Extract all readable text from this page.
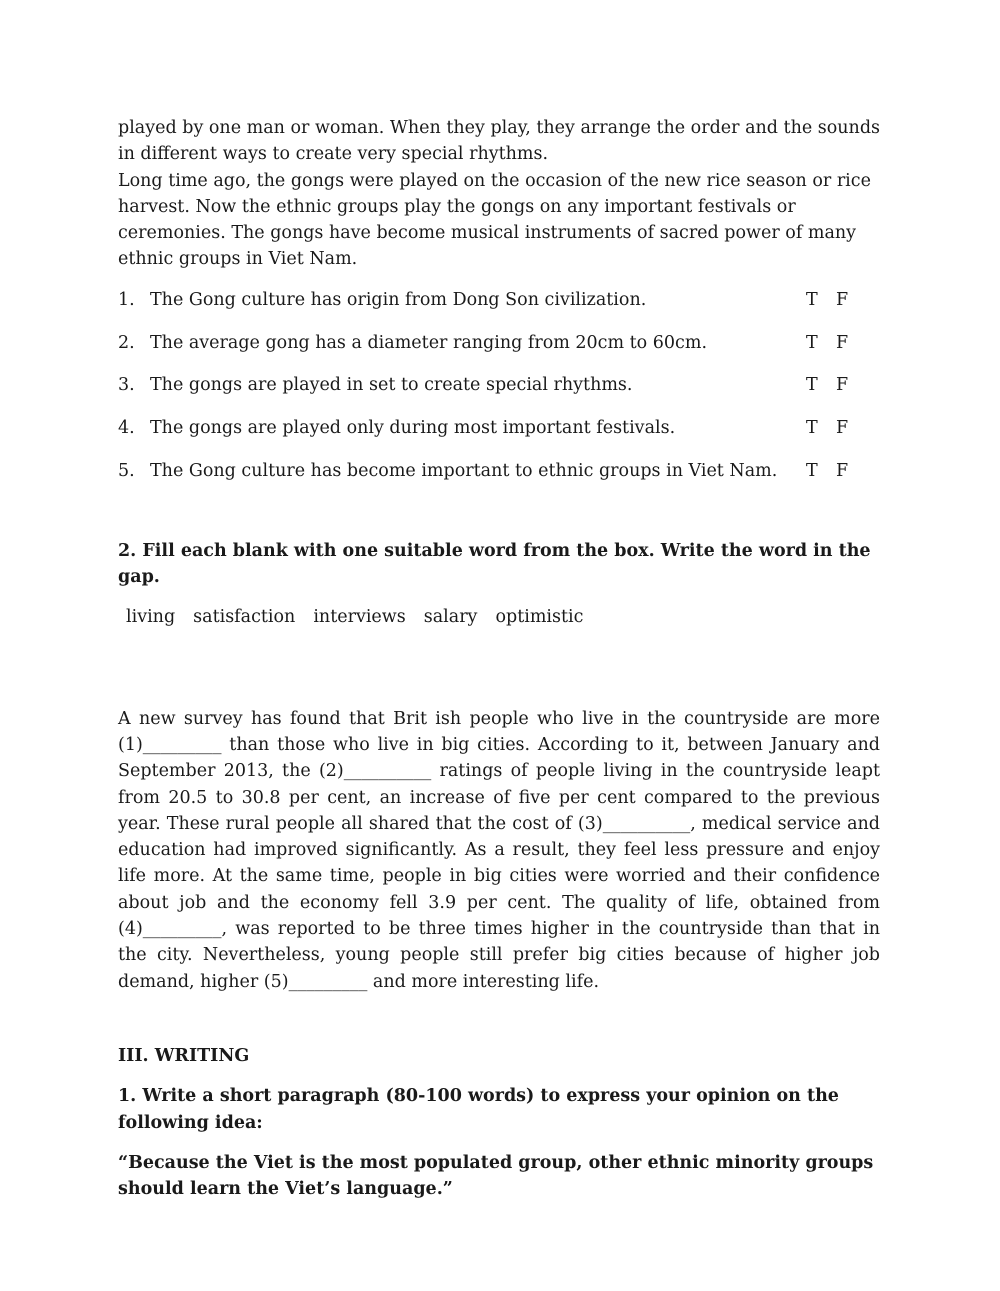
played by one man or woman. When they play, they arrange the order and the sounds in different ways to create very special rhythms.

Long time ago, the gongs were played on the occasion of the new rice season or rice harvest. Now the ethnic groups play the gongs on any important festivals or ceremonies. The gongs have become musical instruments of sacred power of many ethnic groups in Viet Nam.

1. The Gong culture has origin from Dong Son civilization.	T	F
2. The average gong has a diameter ranging from 20cm to 60cm.	T	F
3. The gongs are played in set to create special rhythms.	T	F
4. The gongs are played only during most important festivals.	T	F
5. The Gong culture has become important to ethnic groups in Viet Nam.	T	F

2. Fill each blank with one suitable word from the box. Write the word in the gap.

living satisfaction interviews salary optimistic

A new survey has found that Brit ish people who live in the countryside are more (1)_________ than those who live in big cities. According to it, between January and September 2013, the (2)__________ ratings of people living in the countryside leapt from 20.5 to 30.8 per cent, an increase of five per cent compared to the previous year. These rural people all shared that the cost of (3)__________, medical service and education had improved significantly. As a result, they feel less pressure and enjoy life more. At the same time, people in big cities were worried and their confidence about job and the economy fell 3.9 per cent. The quality of life, obtained from (4)_________, was reported to be three times higher in the countryside than that in the city. Nevertheless, young people still prefer big cities because of higher job demand, higher (5)_________ and more interesting life.

III. WRITING

1. Write a short paragraph (80-100 words) to express your opinion on the following idea:

“Because the Viet is the most populated group, other ethnic minority groups should learn the Viet’s language.”
